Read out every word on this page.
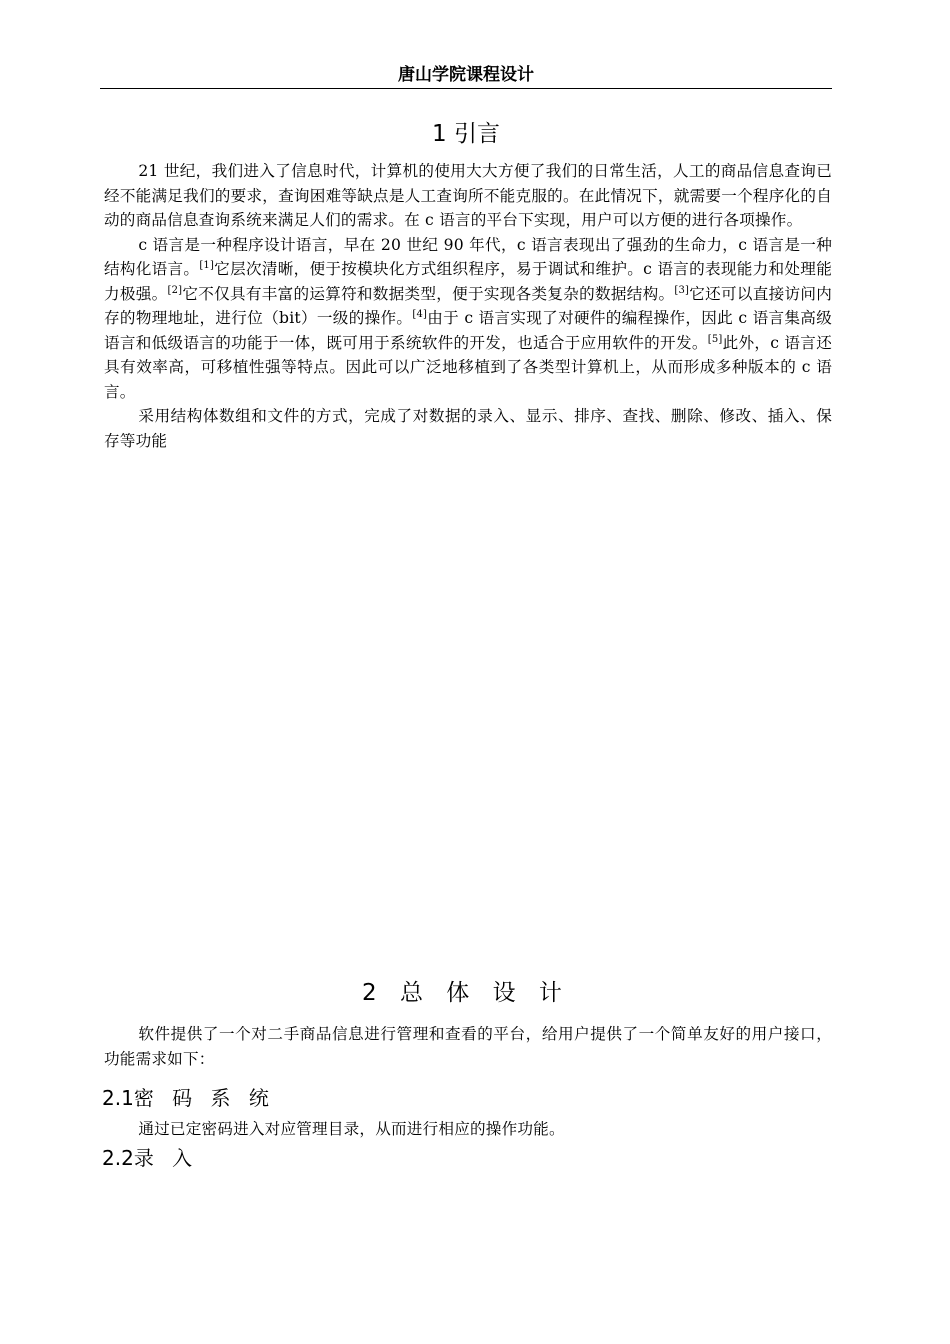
唐山学院课程设计
1 引言

21 世纪，我们进入了信息时代，计算机的使用大大方便了我们的日常生活，人工的商品信息查询已经不能满足我们的要求，查询困难等缺点是人工查询所不能克服的。在此情况下，就需要一个程序化的自动的商品信息查询系统来满足人们的需求。在 c 语言的平台下实现，用户可以方便的进行各项操作。

c 语言是一种程序设计语言，早在 20 世纪 90 年代，c 语言表现出了强劲的生命力，c 语言是一种结构化语言。[1]它层次清晰，便于按模块化方式组织程序，易于调试和维护。c 语言的表现能力和处理能力极强。[2]它不仅具有丰富的运算符和数据类型，便于实现各类复杂的数据结构。[3]它还可以直接访问内存的物理地址，进行位（bit）一级的操作。[4]由于 c 语言实现了对硬件的编程操作，因此 c 语言集高级语言和低级语言的功能于一体，既可用于系统软件的开发，也适合于应用软件的开发。[5]此外，c 语言还具有效率高，可移植性强等特点。因此可以广泛地移植到了各类型计算机上，从而形成多种版本的 c 语言。

采用结构体数组和文件的方式，完成了对数据的录入、显示、排序、查找、删除、修改、插入、保存等功能

2 总 体 设 计

软件提供了一个对二手商品信息进行管理和查看的平台，给用户提供了一个简单友好的用户接口，功能需求如下：

2.1密 码 系 统

通过已定密码进入对应管理目录，从而进行相应的操作功能。

2.2录 入
